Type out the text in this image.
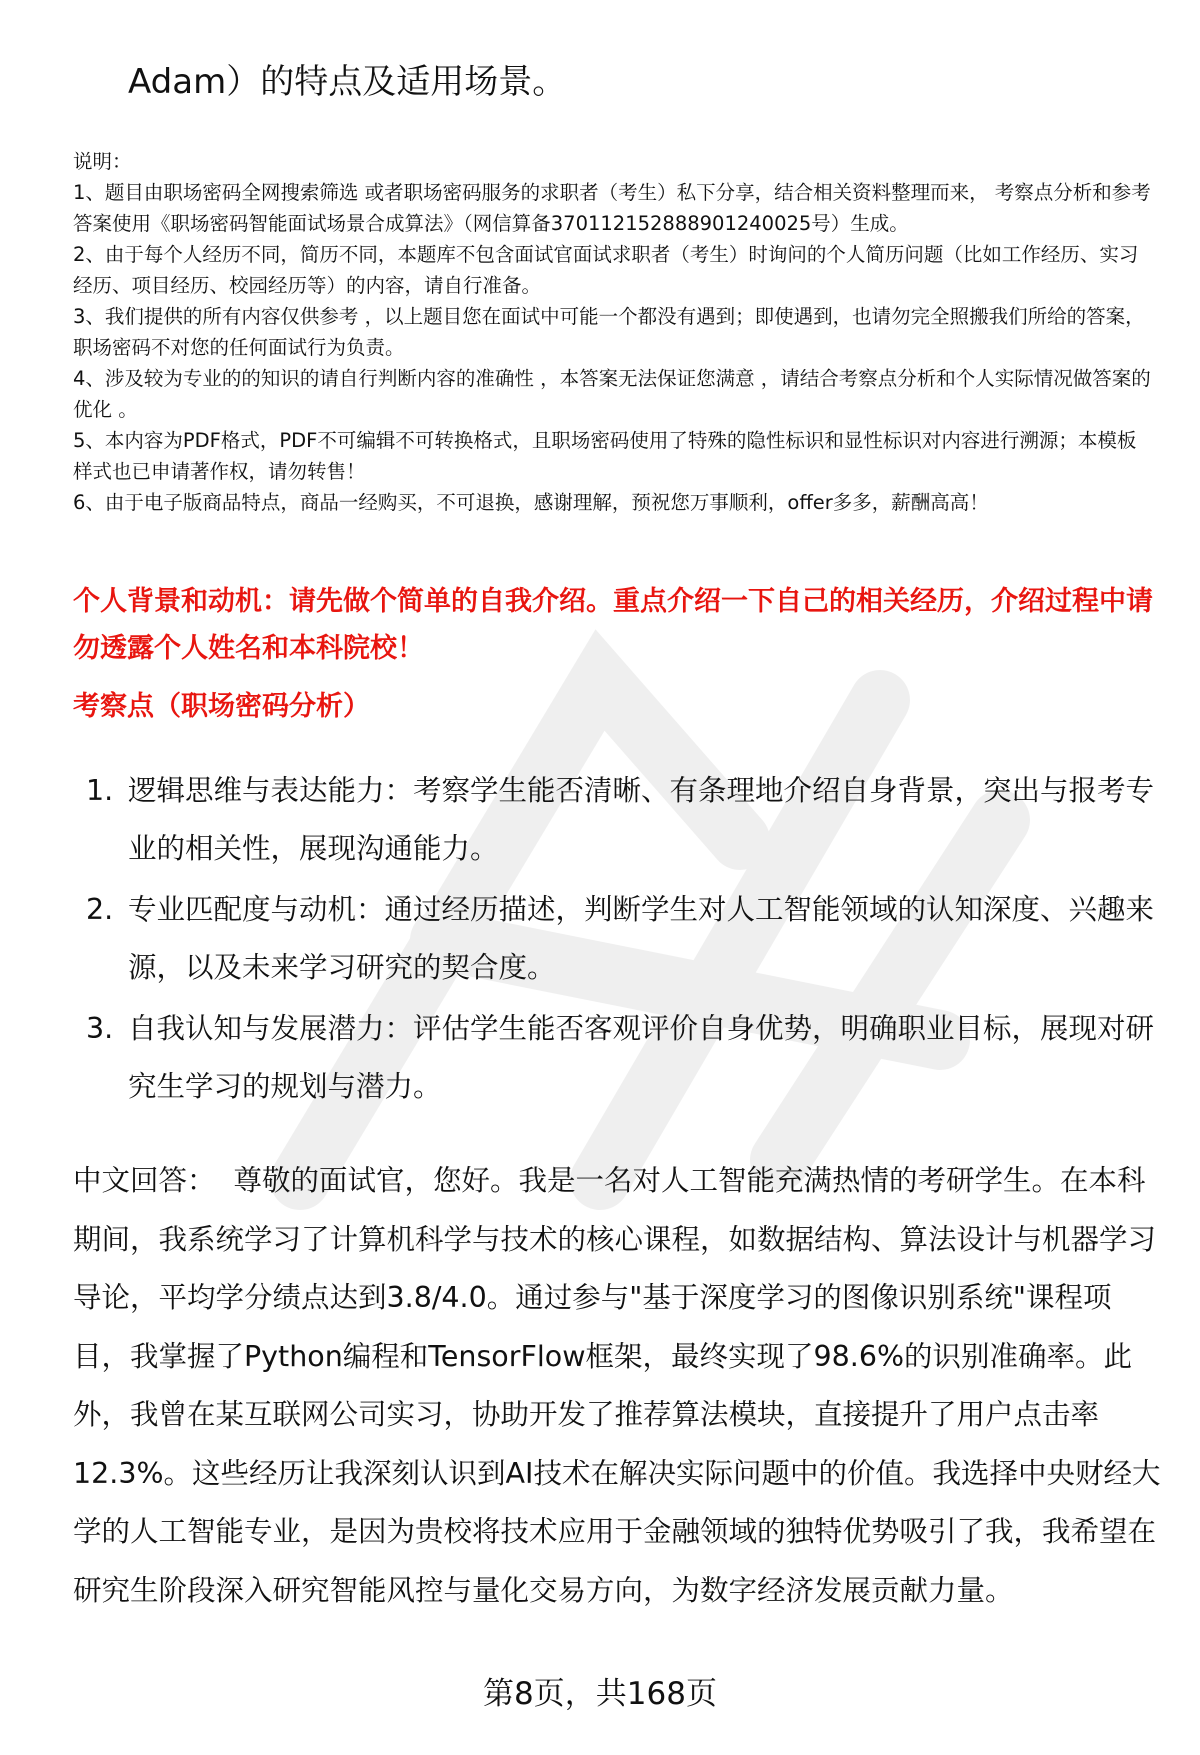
Adam）的特点及适用场景。

说明：

1、题目由职场密码全网搜索筛选 或者职场密码服务的求职者（考生）私下分享，结合相关资料整理而来， 考察点分析和参考答案使用《职场密码智能面试场景合成算法》（网信算备370112152888901240025号）生成。

2、由于每个人经历不同，简历不同，本题库不包含面试官面试求职者（考生）时询问的个人简历问题（比如工作经历、实习经历、项目经历、校园经历等）的内容，请自行准备。

3、我们提供的所有内容仅供参考 ，以上题目您在面试中可能一个都没有遇到；即使遇到，也请勿完全照搬我们所给的答案，职场密码不对您的任何面试行为负责。

4、涉及较为专业的的知识的请自行判断内容的准确性 ，本答案无法保证您满意 ，请结合考察点分析和个人实际情况做答案的优化 。

5、本内容为PDF格式，PDF不可编辑不可转换格式，且职场密码使用了特殊的隐性标识和显性标识对内容进行溯源；本模板样式也已申请著作权，请勿转售！

6、由于电子版商品特点，商品一经购买，不可退换，感谢理解，预祝您万事顺利，offer多多，薪酬高高！

个人背景和动机：请先做个简单的自我介绍。重点介绍一下自己的相关经历，介绍过程中请勿透露个人姓名和本科院校！
考察点（职场密码分析）
1. 逻辑思维与表达能力：考察学生能否清晰、有条理地介绍自身背景，突出与报考专业的相关性，展现沟通能力。
2. 专业匹配度与动机：通过经历描述，判断学生对人工智能领域的认知深度、兴趣来源，以及未来学习研究的契合度。
3. 自我认知与发展潜力：评估学生能否客观评价自身优势，明确职业目标，展现对研究生学习的规划与潜力。
中文回答： 尊敬的面试官，您好。我是一名对人工智能充满热情的考研学生。在本科期间，我系统学习了计算机科学与技术的核心课程，如数据结构、算法设计与机器学习导论，平均学分绩点达到3.8/4.0。通过参与"基于深度学习的图像识别系统"课程项目，我掌握了Python编程和TensorFlow框架，最终实现了98.6%的识别准确率。此外，我曾在某互联网公司实习，协助开发了推荐算法模块，直接提升了用户点击率12.3%。这些经历让我深刻认识到AI技术在解决实际问题中的价值。我选择中央财经大学的人工智能专业，是因为贵校将技术应用于金融领域的独特优势吸引了我，我希望在研究生阶段深入研究智能风控与量化交易方向，为数字经济发展贡献力量。
第8页，共168页
